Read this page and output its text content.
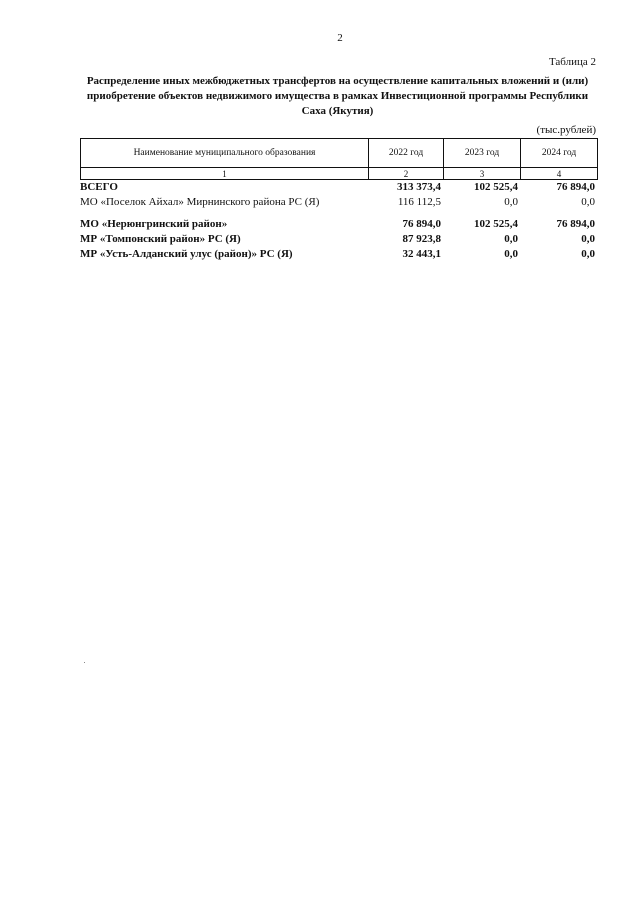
2
Таблица 2
Распределение иных межбюджетных трансфертов на осуществление капитальных вложений и (или)
приобретение объектов недвижимого имущества в рамках Инвестиционной программы Республики
Саха (Якутия)
(тыс.рублей)
Наименование муниципального образования	2022 год	2023 год	2024 год
1	2	3	4
ВСЕГО	313 373,4	102 525,4	76 894,0
МО «Поселок Айхал» Мирнинского района РС (Я)	116 112,5	0,0	0,0

МО «Нерюнгринский район»	76 894,0	102 525,4	76 894,0
МР «Томпонский район» РС (Я)	87 923,8	0,0	0,0
МР «Усть-Алданский улус (район)» РС (Я)	32 443,1	0,0	0,0
